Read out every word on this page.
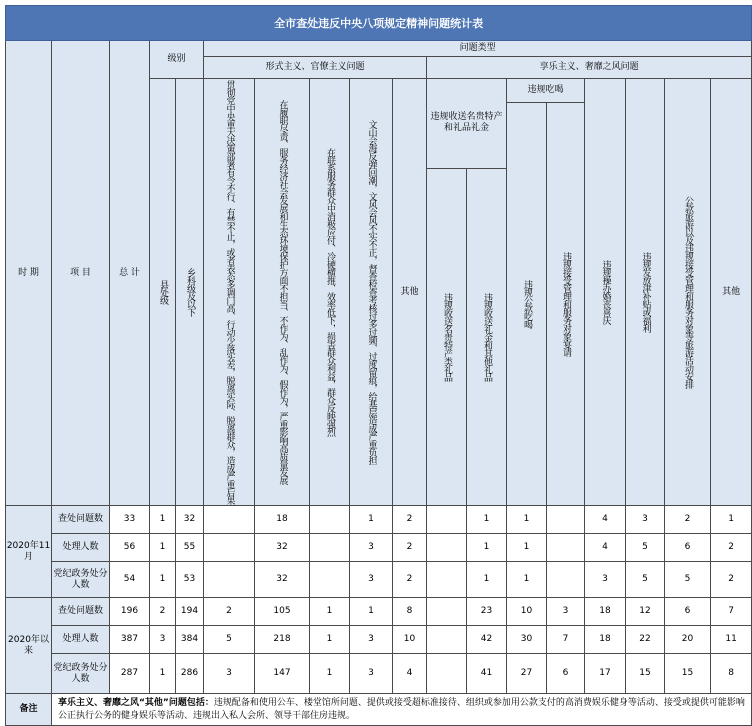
全市查处违反中央八项规定精神问题统计表																	
时 期	项 目	总 计	级别		问题类型												
					形式主义、官僚主义问题					享乐主义、奢靡之风问题							
			县处级	乡科级及以下	贯彻党中央重大决策部署有令不行、有禁不止，或者表态多调门高、行动少落实差，脱离实际、脱离群众，造成严重后果	在履职尽责、服务经济社会发展和生态环境保护方面不担当、不作为、乱作为、假作为，严重影响高质量发展	在联系服务群众中消极应付、冷硬横推、效率低下，损害群众利益，群众反映强烈	文山会海反弹回潮，文风会风不实不正，督查检查考核过多过频、过度留痕，给基层造成严重负担	其他	违规收送名贵特产和礼品礼金		违规吃喝		违规操办婚丧喜庆	违规发放津补贴或福利	公款旅游以及违规接受管理和服务对象等旅游活动安排	其他
												违规公款吃喝	违规接受管理和服务对象宴请				
										违规收送名贵特产类礼品	违规收送礼金和其他礼品						

2020年11月	查处问题数	33	1	32		18		1	2		1	1		4	3	2	1
	处理人数	56	1	55		32		3	2		1	1		4	5	6	2
	党纪政务处分人数	54	1	53		32		3	2		1	1		3	5	5	2
2020年以来	查处问题数	196	2	194	2	105	1	1	8		23	10	3	18	12	6	7
	处理人数	387	3	384	5	218	1	3	10		42	30	7	18	22	20	11
	党纪政务处分人数	287	1	286	3	147	1	3	4		41	27	6	17	15	15	8
备注	享乐主义、奢靡之风“其他”问题包括：违规配备和使用公车、楼堂馆所问题、提供或接受超标准接待、组织或参加用公款支付的高消费娱乐健身等活动、接受或提供可能影响公正执行公务的健身娱乐等活动、违规出入私人会所、领导干部住房违规。																
